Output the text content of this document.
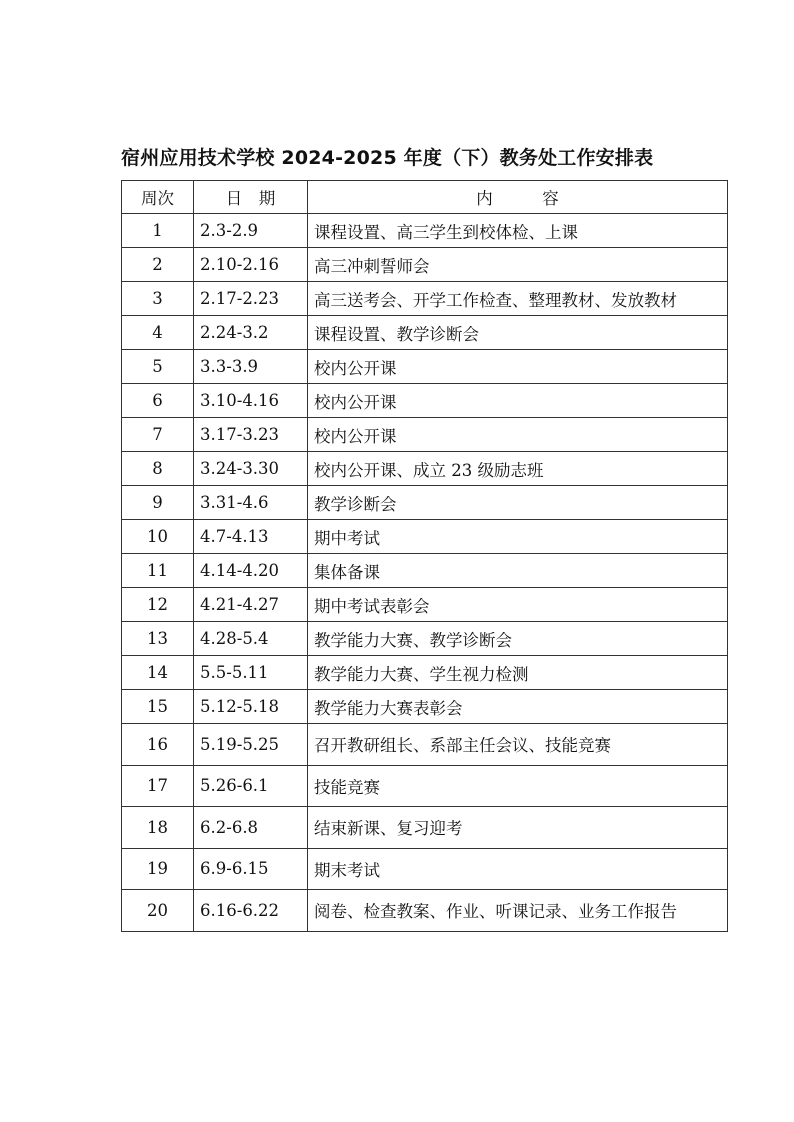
宿州应用技术学校 2024-2025 年度（下）教务处工作安排表
周次	日　期	内　　　容
1	2.3-2.9	课程设置、高三学生到校体检、上课
2	2.10-2.16	高三冲刺誓师会
3	2.17-2.23	高三送考会、开学工作检查、整理教材、发放教材
4	2.24-3.2	课程设置、教学诊断会
5	3.3-3.9	校内公开课
6	3.10-4.16	校内公开课
7	3.17-3.23	校内公开课
8	3.24-3.30	校内公开课、成立 23 级励志班
9	3.31-4.6	教学诊断会
10	4.7-4.13	期中考试
11	4.14-4.20	集体备课
12	4.21-4.27	期中考试表彰会
13	4.28-5.4	教学能力大赛、教学诊断会
14	5.5-5.11	教学能力大赛、学生视力检测
15	5.12-5.18	教学能力大赛表彰会
16	5.19-5.25	召开教研组长、系部主任会议、技能竞赛
17	5.26-6.1	技能竞赛
18	6.2-6.8	结束新课、复习迎考
19	6.9-6.15	期末考试
20	6.16-6.22	阅卷、检查教案、作业、听课记录、业务工作报告
